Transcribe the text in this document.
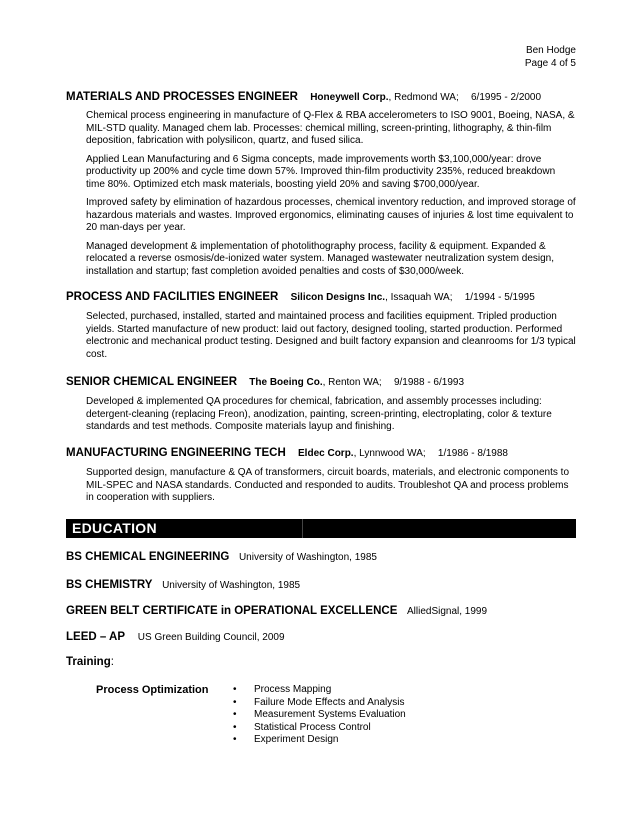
Ben Hodge
Page 4 of 5
MATERIALS AND PROCESSES ENGINEER Honeywell Corp., Redmond WA; 6/1995 - 2/2000

Chemical process engineering in manufacture of Q-Flex & RBA accelerometers to ISO 9001, Boeing, NASA, & MIL-STD quality. Managed chem lab. Processes: chemical milling, screen-printing, lithography, & thin-film deposition, fabrication with polysilicon, quartz, and fused silica.

Applied Lean Manufacturing and 6 Sigma concepts, made improvements worth $3,100,000/year: drove productivity up 200% and cycle time down 57%. Improved thin-film productivity 235%, reduced breakdown time 80%. Optimized etch mask materials, boosting yield 20% and saving $700,000/year.

Improved safety by elimination of hazardous processes, chemical inventory reduction, and improved storage of hazardous materials and wastes. Improved ergonomics, eliminating causes of injuries & lost time equivalent to 20 man-days per year.

Managed development & implementation of photolithography process, facility & equipment. Expanded & relocated a reverse osmosis/de-ionized water system. Managed wastewater neutralization system design, installation and startup; fast completion avoided penalties and costs of $30,000/week.

PROCESS AND FACILITIES ENGINEER Silicon Designs Inc., Issaquah WA; 1/1994 - 5/1995

Selected, purchased, installed, started and maintained process and facilities equipment. Tripled production yields. Started manufacture of new product: laid out factory, designed tooling, started production. Performed electronic and mechanical product testing. Designed and built factory expansion and cleanrooms for 1/3 typical cost.

SENIOR CHEMICAL ENGINEER The Boeing Co., Renton WA; 9/1988 - 6/1993

Developed & implemented QA procedures for chemical, fabrication, and assembly processes including: detergent-cleaning (replacing Freon), anodization, painting, screen-printing, electroplating, color & texture standards and test methods. Composite materials layup and finishing.

MANUFACTURING ENGINEERING TECH Eldec Corp., Lynnwood WA; 1/1986 - 8/1988

Supported design, manufacture & QA of transformers, circuit boards, materials, and electronic components to MIL-SPEC and NASA standards. Conducted and responded to audits. Troubleshot QA and process problems in cooperation with suppliers.

EDUCATION
BS CHEMICAL ENGINEERING University of Washington, 1985
BS CHEMISTRY University of Washington, 1985
GREEN BELT CERTIFICATE in OPERATIONAL EXCELLENCE AlliedSignal, 1999
LEED – AP US Green Building Council, 2009
Training:
Process Optimization • Process Mapping
• Failure Mode Effects and Analysis
• Measurement Systems Evaluation
• Statistical Process Control
• Experiment Design
